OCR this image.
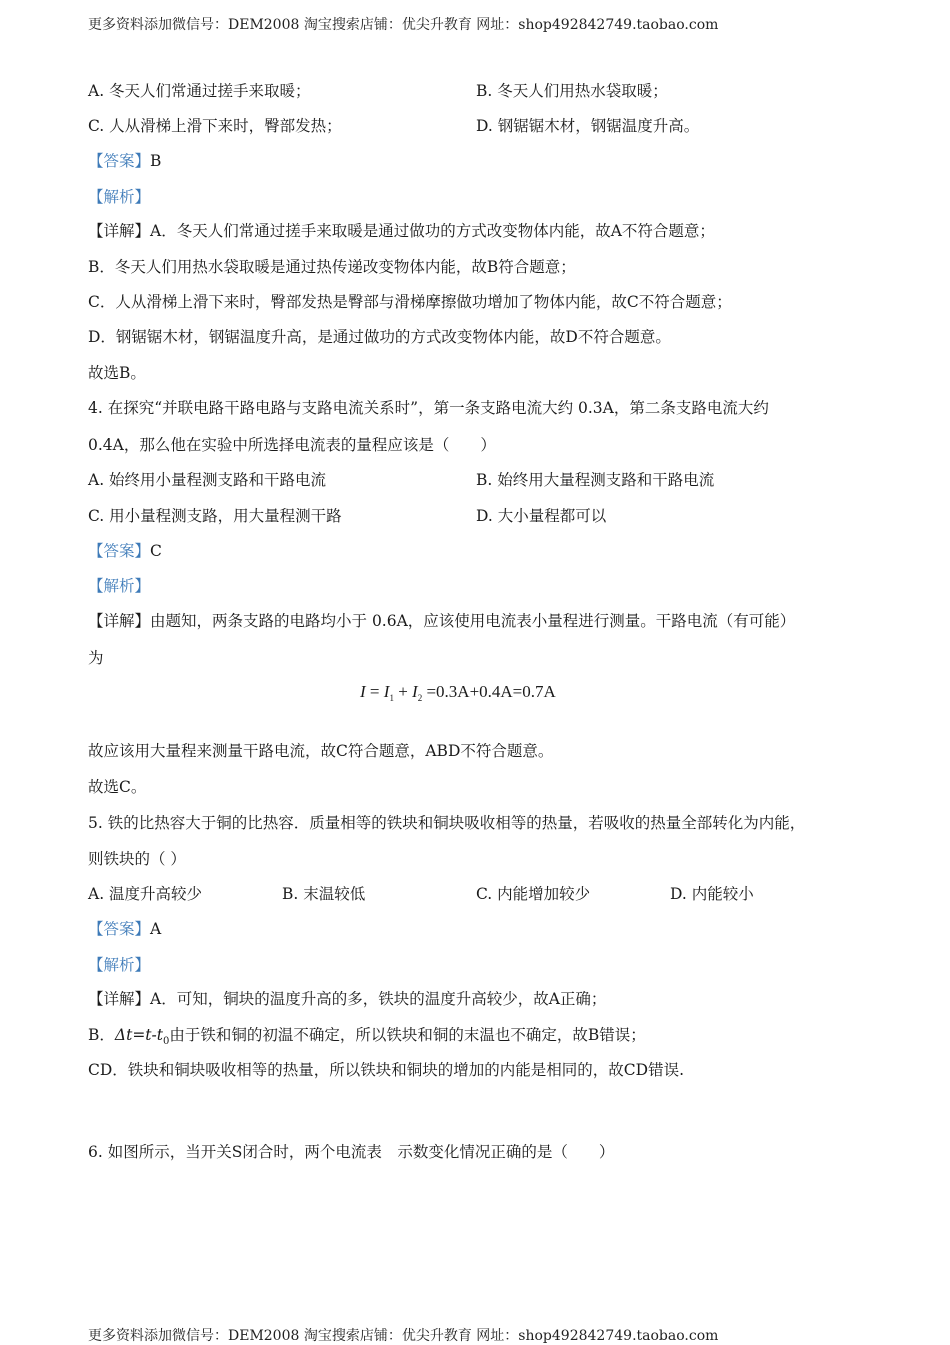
更多资料添加微信号：DEM2008 淘宝搜索店铺：优尖升教育 网址：shop492842749.taobao.com
A. 冬天人们常通过搓手来取暖；	B. 冬天人们用热水袋取暖；
C. 人从滑梯上滑下来时，臀部发热；	D. 钢锯锯木材，钢锯温度升高。
【答案】B
【解析】
【详解】A．冬天人们常通过搓手来取暖是通过做功的方式改变物体内能，故A不符合题意；
B．冬天人们用热水袋取暖是通过热传递改变物体内能，故B符合题意；
C．人从滑梯上滑下来时，臀部发热是臀部与滑梯摩擦做功增加了物体内能，故C不符合题意；
D．钢锯锯木材，钢锯温度升高，是通过做功的方式改变物体内能，故D不符合题意。
故选B。
4. 在探究“并联电路干路电路与支路电流关系时”，第一条支路电流大约 0.3A，第二条支路电流大约
0.4A，那么他在实验中所选择电流表的量程应该是（　　）
A. 始终用小量程测支路和干路电流	B. 始终用大量程测支路和干路电流
C. 用小量程测支路，用大量程测干路	D. 大小量程都可以
【答案】C
【解析】
【详解】由题知，两条支路的电路均小于 0.6A，应该使用电流表小量程进行测量。干路电流（有可能）
为
$I = I_1 + I_2 =0.3A+0.4A=0.7A$
故应该用大量程来测量干路电流，故C符合题意，ABD不符合题意。
故选C。
5. 铁的比热容大于铜的比热容．质量相等的铁块和铜块吸收相等的热量，若吸收的热量全部转化为内能，
则铁块的（ ）
A. 温度升高较少	B. 末温较低	C. 内能增加较少	D. 内能较小
【答案】A
【解析】
【详解】A．可知，铜块的温度升高的多，铁块的温度升高较少，故A正确；
B．$\Delta t=t-t_0$由于铁和铜的初温不确定，所以铁块和铜的末温也不确定，故B错误；
CD．铁块和铜块吸收相等的热量，所以铁块和铜块的增加的内能是相同的，故CD错误.
6. 如图所示，当开关S闭合时，两个电流表　示数变化情况正确的是（　　）
更多资料添加微信号：DEM2008 淘宝搜索店铺：优尖升教育 网址：shop492842749.taobao.com
